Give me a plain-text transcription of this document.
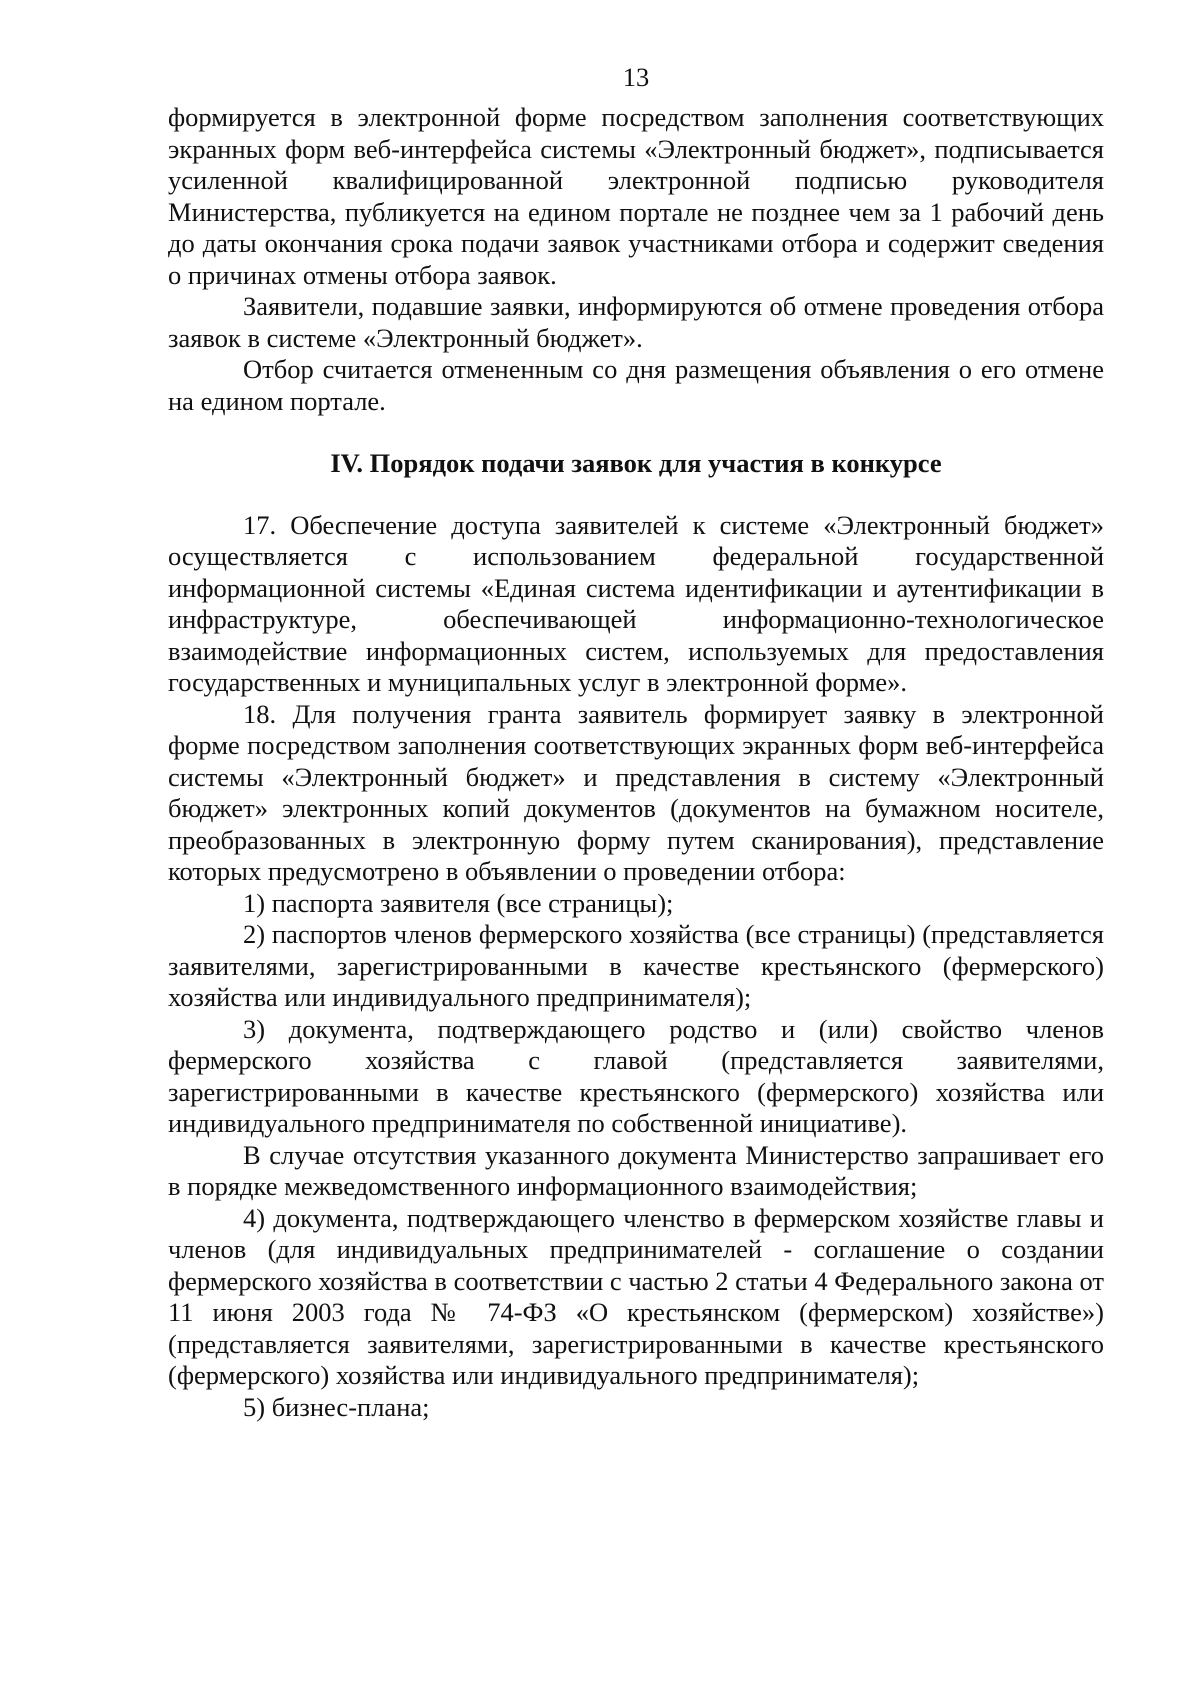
13

формируется в электронной форме посредством заполнения соответствующих экранных форм веб-интерфейса системы «Электронный бюджет», подписывается усиленной квалифицированной электронной подписью руководителя Министерства, публикуется на едином портале не позднее чем за 1 рабочий день до даты окончания срока подачи заявок участниками отбора и содержит сведения о причинах отмены отбора заявок.

Заявители, подавшие заявки, информируются об отмене проведения отбора заявок в системе «Электронный бюджет».

Отбор считается отмененным со дня размещения объявления о его отмене на едином портале.

IV. Порядок подачи заявок для участия в конкурсе

17. Обеспечение доступа заявителей к системе «Электронный бюджет» осуществляется с использованием федеральной государственной информационной системы «Единая система идентификации и аутентификации в инфраструктуре, обеспечивающей информационно-технологическое взаимодействие информационных систем, используемых для предоставления государственных и муниципальных услуг в электронной форме».

18. Для получения гранта заявитель формирует заявку в электронной форме посредством заполнения соответствующих экранных форм веб-интерфейса системы «Электронный бюджет» и представления в систему «Электронный бюджет» электронных копий документов (документов на бумажном носителе, преобразованных в электронную форму путем сканирования), представление которых предусмотрено в объявлении о проведении отбора:

1) паспорта заявителя (все страницы);

2) паспортов членов фермерского хозяйства (все страницы) (представляется заявителями, зарегистрированными в качестве крестьянского (фермерского) хозяйства или индивидуального предпринимателя);

3) документа, подтверждающего родство и (или) свойство членов фермерского хозяйства с главой (представляется заявителями, зарегистрированными в качестве крестьянского (фермерского) хозяйства или индивидуального предпринимателя по собственной инициативе).

В случае отсутствия указанного документа Министерство запрашивает его в порядке межведомственного информационного взаимодействия;

4) документа, подтверждающего членство в фермерском хозяйстве главы и членов (для индивидуальных предпринимателей - соглашение о создании фермерского хозяйства в соответствии с частью 2 статьи 4 Федерального закона от 11 июня 2003 года № 74-ФЗ «О крестьянском (фермерском) хозяйстве») (представляется заявителями, зарегистрированными в качестве крестьянского (фермерского) хозяйства или индивидуального предпринимателя);

5) бизнес-плана;
